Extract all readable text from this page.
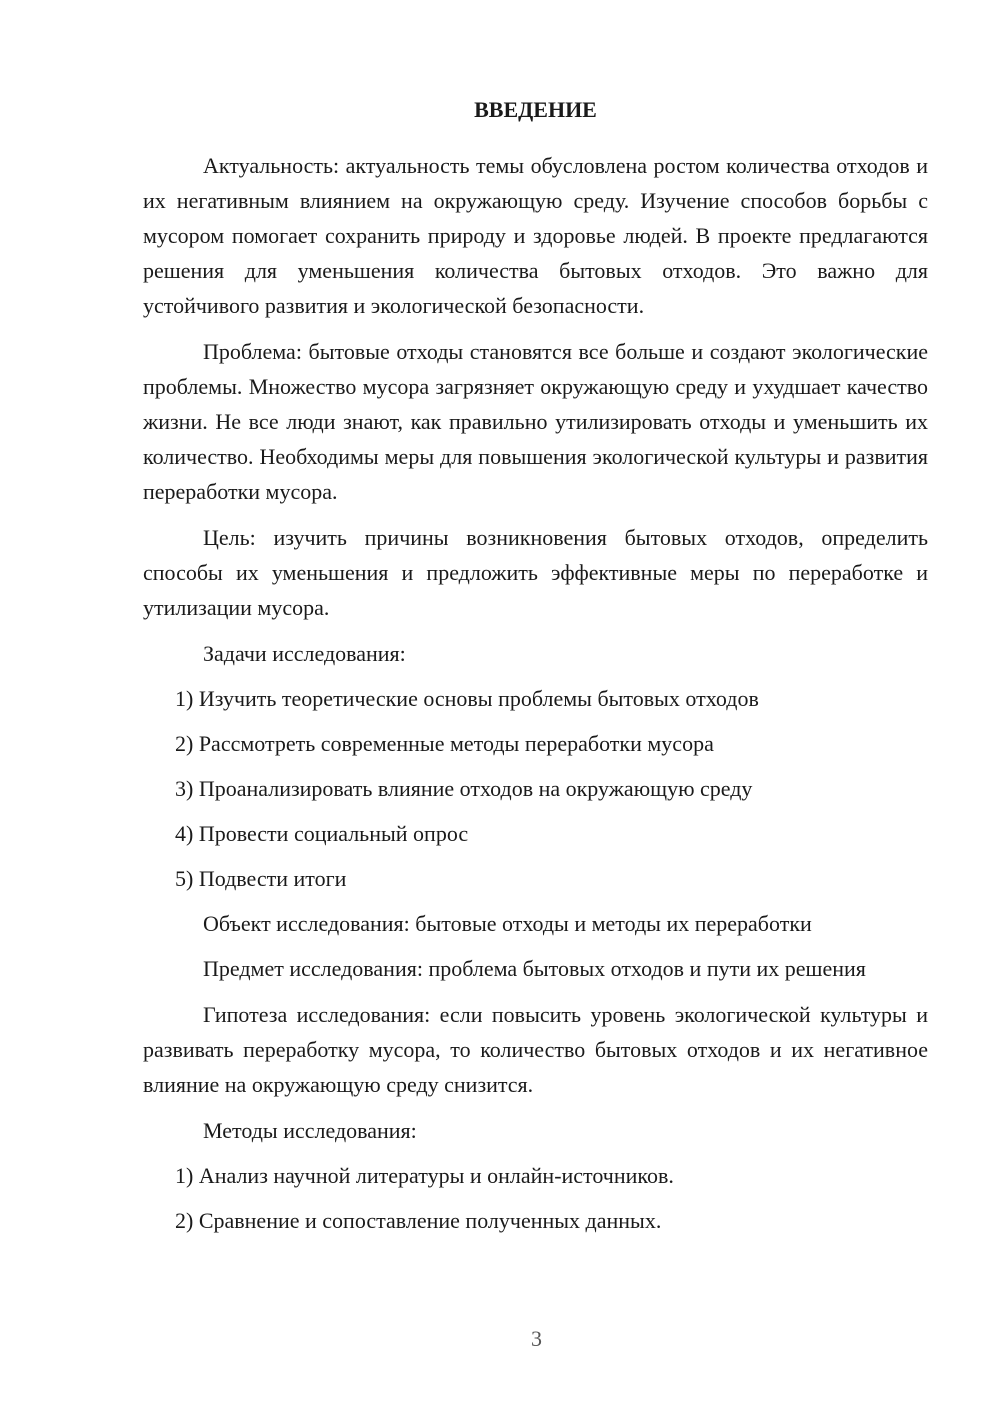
ВВЕДЕНИЕ

Актуальность: актуальность темы обусловлена ростом количества отходов и их негативным влиянием на окружающую среду. Изучение способов борьбы с мусором помогает сохранить природу и здоровье людей. В проекте предлагаются решения для уменьшения количества бытовых отходов. Это важно для устойчивого развития и экологической безопасности.

Проблема: бытовые отходы становятся все больше и создают экологические проблемы. Множество мусора загрязняет окружающую среду и ухудшает качество жизни. Не все люди знают, как правильно утилизировать отходы и уменьшить их количество. Необходимы меры для повышения экологической культуры и развития переработки мусора.

Цель: изучить причины возникновения бытовых отходов, определить способы их уменьшения и предложить эффективные меры по переработке и утилизации мусора.

Задачи исследования:

1) Изучить теоретические основы проблемы бытовых отходов

2) Рассмотреть современные методы переработки мусора

3) Проанализировать влияние отходов на окружающую среду

4) Провести социальный опрос

5) Подвести итоги

Объект исследования: бытовые отходы и методы их переработки

Предмет исследования: проблема бытовых отходов и пути их решения

Гипотеза исследования: если повысить уровень экологической культуры и развивать переработку мусора, то количество бытовых отходов и их негативное влияние на окружающую среду снизится.

Методы исследования:

1) Анализ научной литературы и онлайн-источников.

2) Сравнение и сопоставление полученных данных.

3
